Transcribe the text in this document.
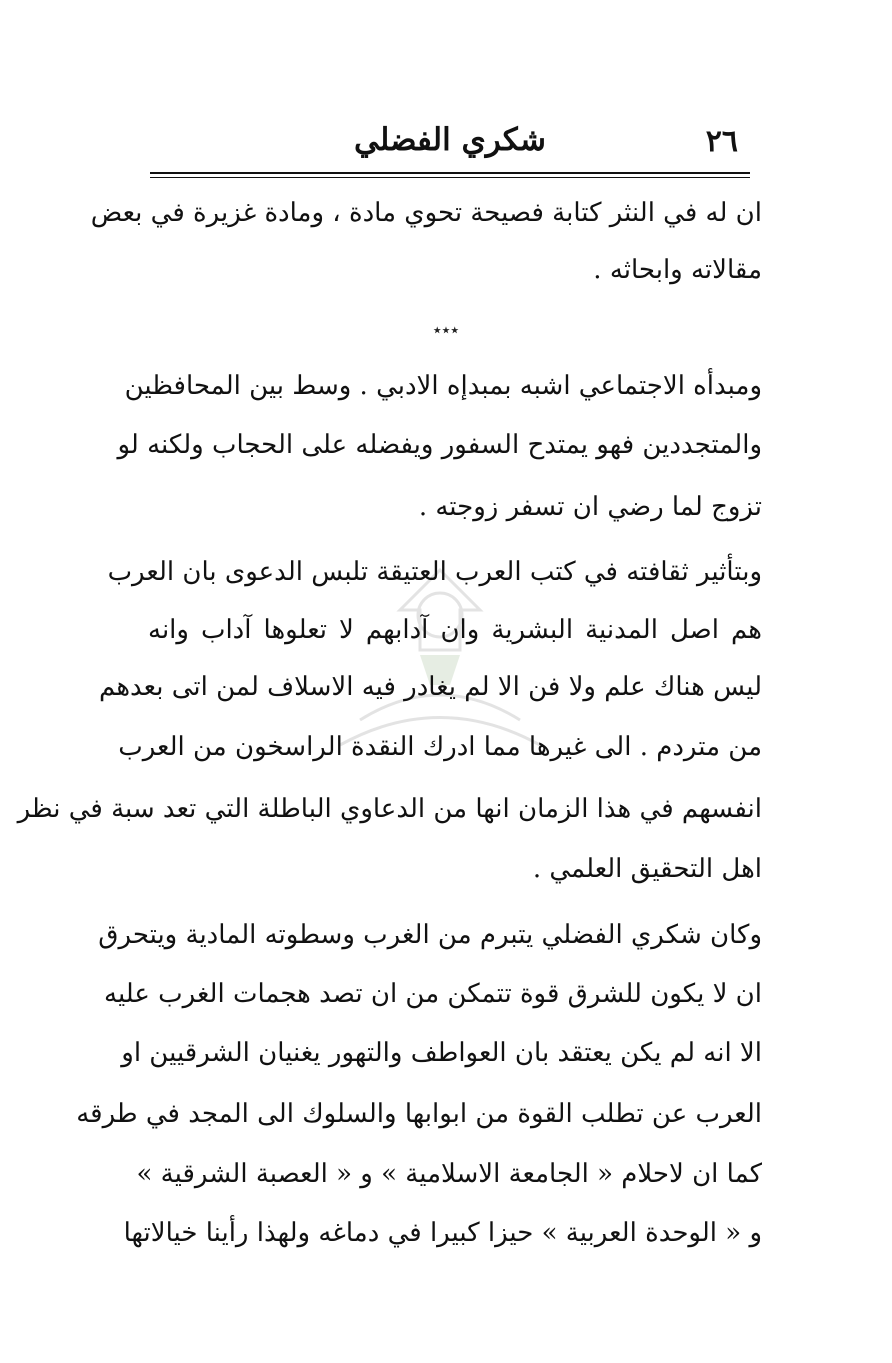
٢٦
شكري الفضلي
ان له في النثر كتابة فصيحة تحوي مادة ، ومادة غزيرة في بعض
مقالاته وابحاثه .
٭٭٭
ومبدأه الاجتماعي اشبه بمبدإه الادبي . وسط بين المحافظين
والمتجددين فهو يمتدح السفور ويفضله على الحجاب ولكنه لو
تزوج لما رضي ان تسفر زوجته .
وبتأثير ثقافته في كتب العرب العتيقة تلبس الدعوى بان العرب
هم اصل المدنية البشرية وان آدابهم لا تعلوها آداب وانه
ليس هناك علم ولا فن الا لم يغادر فيه الاسلاف لمن اتى بعدهم
من متردم . الى غيرها مما ادرك النقدة الراسخون من العرب
انفسهم في هذا الزمان انها من الدعاوي الباطلة التي تعد سبة في نظر
اهل التحقيق العلمي .
وكان شكري الفضلي يتبرم من الغرب وسطوته المادية ويتحرق
ان لا يكون للشرق قوة تتمكن من ان تصد هجمات الغرب عليه
الا انه لم يكن يعتقد بان العواطف والتهور يغنيان الشرقيين او
العرب عن تطلب القوة من ابوابها والسلوك الى المجد في طرقه
كما ان لاحلام « الجامعة الاسلامية » و « العصبة الشرقية »
و « الوحدة العربية » حيزا كبيرا في دماغه ولهذا رأينا خيالاتها
